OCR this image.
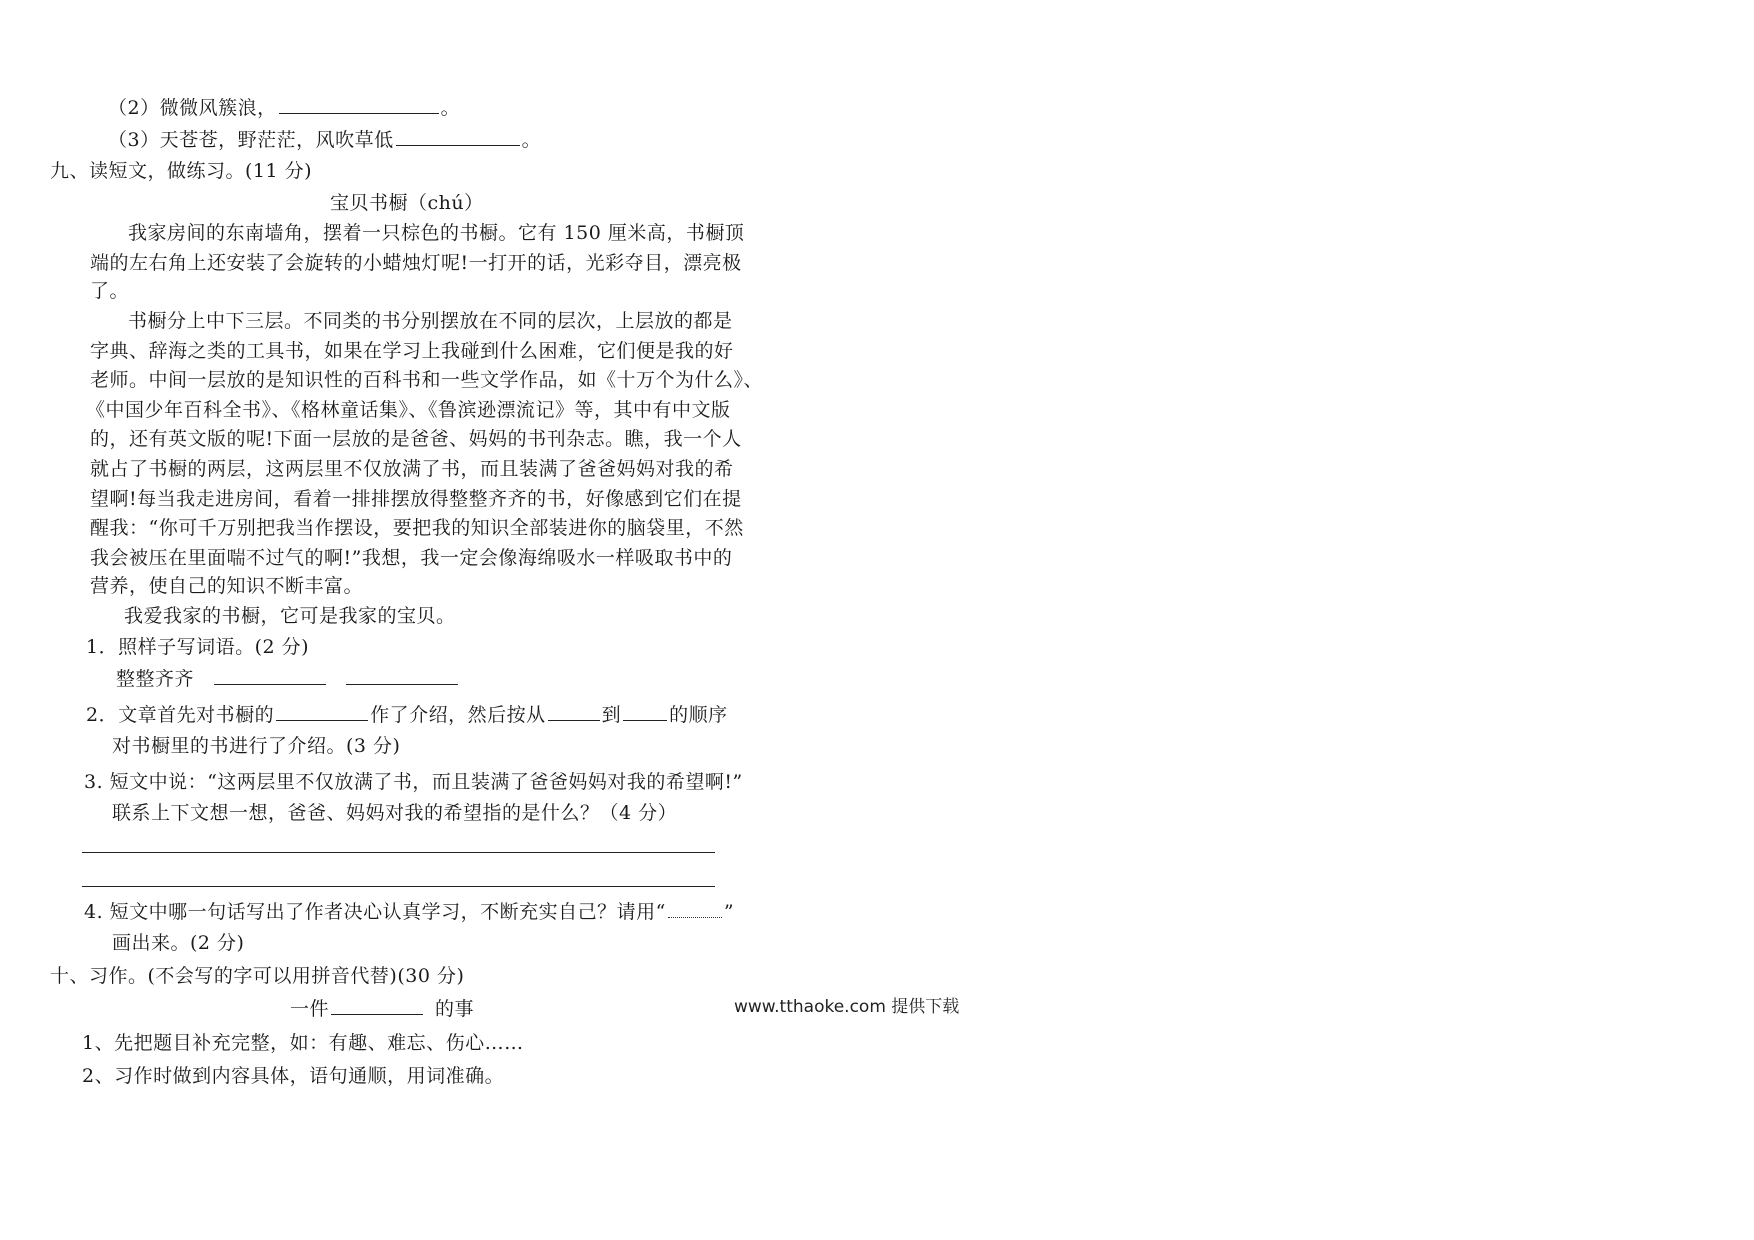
（2）微微风簇浪，	。
（3）天苍苍，野茫茫，风吹草低	。
九、读短文，做练习。(11 分)
宝贝书橱（chú）
我家房间的东南墙角，摆着一只棕色的书橱。它有 150 厘米高，书橱顶
端的左右角上还安装了会旋转的小蜡烛灯呢!一打开的话，光彩夺目，漂亮极
了。
书橱分上中下三层。不同类的书分别摆放在不同的层次，上层放的都是
字典、辞海之类的工具书，如果在学习上我碰到什么困难，它们便是我的好
老师。中间一层放的是知识性的百科书和一些文学作品，如《十万个为什么》、
《中国少年百科全书》、《格林童话集》、《鲁滨逊漂流记》等，其中有中文版
的，还有英文版的呢!下面一层放的是爸爸、妈妈的书刊杂志。瞧，我一个人
就占了书橱的两层，这两层里不仅放满了书，而且装满了爸爸妈妈对我的希
望啊!每当我走进房间，看着一排排摆放得整整齐齐的书，好像感到它们在提
醒我：“你可千万别把我当作摆设，要把我的知识全部装进你的脑袋里，不然
我会被压在里面喘不过气的啊!”我想，我一定会像海绵吸水一样吸取书中的
营养，使自己的知识不断丰富。
我爱我家的书橱，它可是我家的宝贝。
1．照样子写词语。(2 分)
整整齐齐
2．文章首先对书橱的	作了介绍，然后按从	到	的顺序
对书橱里的书进行了介绍。(3 分)
3. 短文中说：“这两层里不仅放满了书，而且装满了爸爸妈妈对我的希望啊!”
联系上下文想一想，爸爸、妈妈对我的希望指的是什么？（4 分）
4. 短文中哪一句话写出了作者决心认真学习，不断充实自己？请用“	”
画出来。(2 分)
十、习作。(不会写的字可以用拼音代替)(30 分)
一件	的事
1、先把题目补充完整，如：有趣、难忘、伤心……
2、习作时做到内容具体，语句通顺，用词准确。
www.tthaoke.com 提供下载
